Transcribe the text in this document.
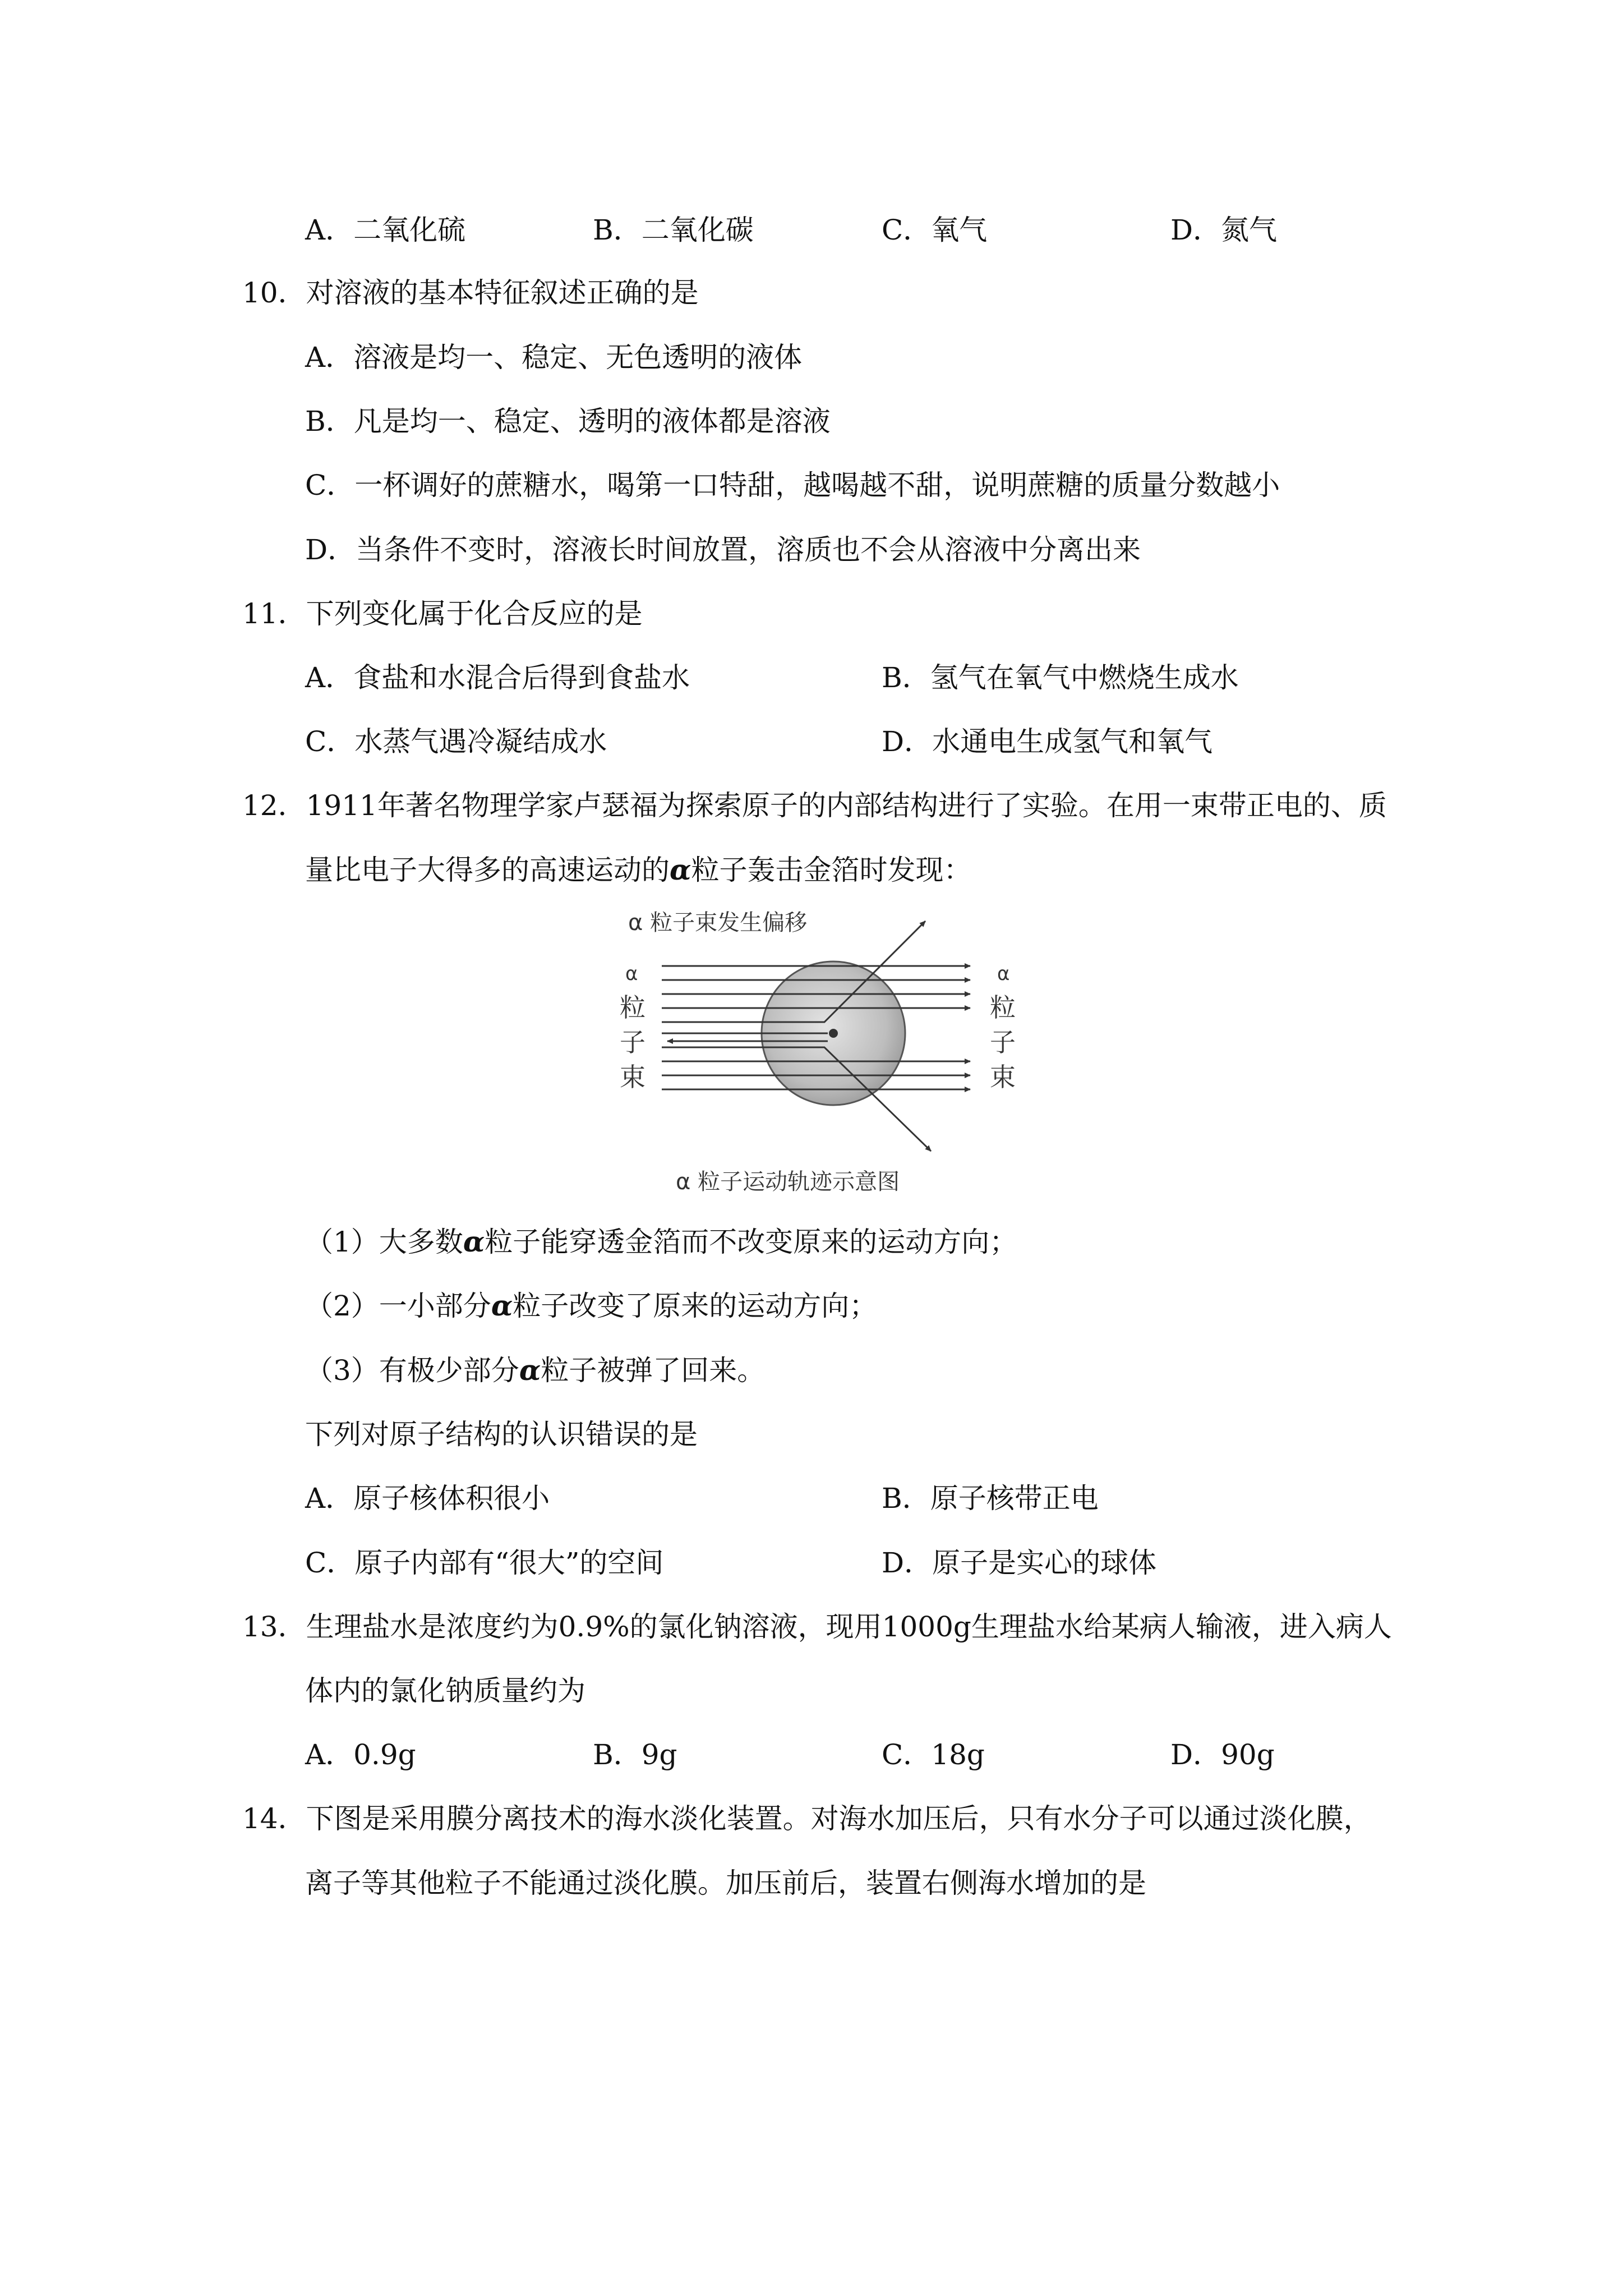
A．二氧化硫	B．二氧化碳	C．氧气	D．氮气
10．对溶液的基本特征叙述正确的是
A．溶液是均一、稳定、无色透明的液体
B．凡是均一、稳定、透明的液体都是溶液
C．一杯调好的蔗糖水，喝第一口特甜，越喝越不甜，说明蔗糖的质量分数越小
D．当条件不变时，溶液长时间放置，溶质也不会从溶液中分离出来
11．下列变化属于化合反应的是
A．食盐和水混合后得到食盐水	B．氢气在氧气中燃烧生成水
C．水蒸气遇冷凝结成水	D．水通电生成氢气和氧气
12．1911年著名物理学家卢瑟福为探索原子的内部结构进行了实验。在用一束带正电的、质
量比电子大得多的高速运动的α粒子轰击金箔时发现：
α 粒子束发生偏移
α
粒
子
束
α
粒
子
束
α 粒子运动轨迹示意图
（1）大多数α粒子能穿透金箔而不改变原来的运动方向；
（2）一小部分α粒子改变了原来的运动方向；
（3）有极少部分α粒子被弹了回来。
下列对原子结构的认识错误的是
A．原子核体积很小	B．原子核带正电
C．原子内部有“很大”的空间	D．原子是实心的球体
13．生理盐水是浓度约为0.9%的氯化钠溶液，现用1000g生理盐水给某病人输液，进入病人
体内的氯化钠质量约为
A．0.9g	B．9g	C．18g	D．90g
14．下图是采用膜分离技术的海水淡化装置。对海水加压后，只有水分子可以通过淡化膜，
离子等其他粒子不能通过淡化膜。加压前后，装置右侧海水增加的是
